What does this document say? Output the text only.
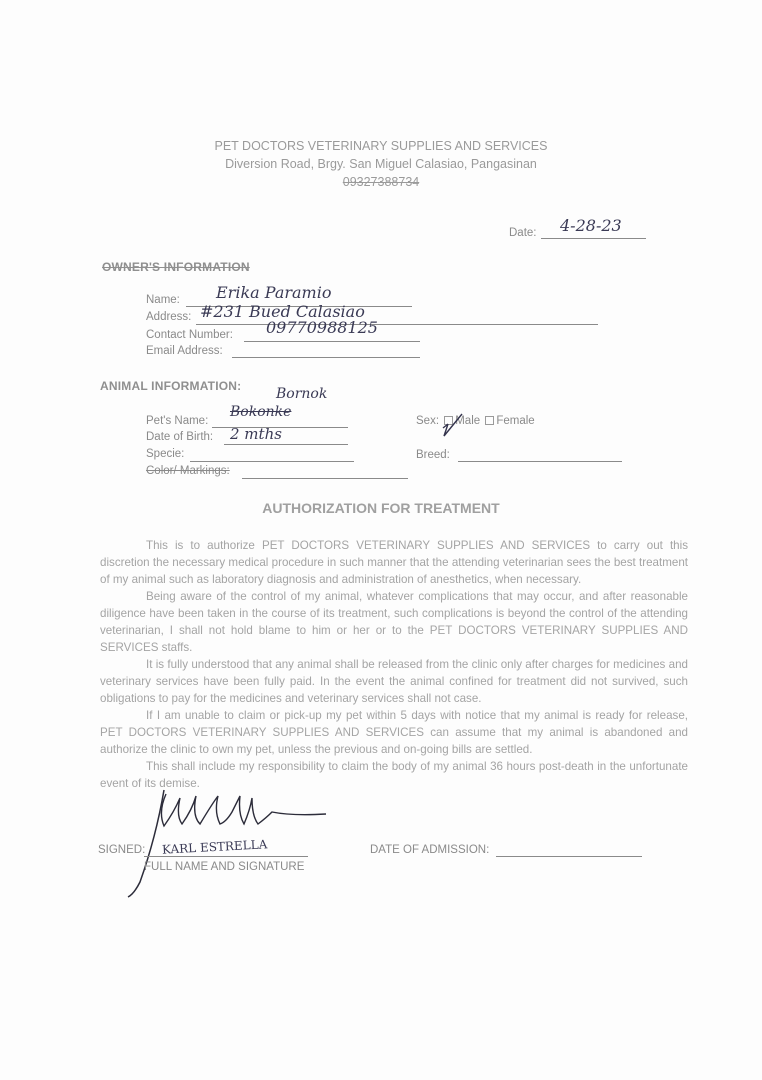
PET DOCTORS VETERINARY SUPPLIES AND SERVICES
Diversion Road, Brgy. San Miguel Calasiao, Pangasinan
09327388734
Date: 4-28-23
OWNER'S INFORMATION
Name: Erika Paramio
Address: #231 Bued Calasiao
Contact Number: 09770988125
Email Address:
ANIMAL INFORMATION: Bornok
Pet's Name:
Bokonke
Date of Birth: 2 mths
Specie:
Color/ Markings:
Sex: Male Female
Breed:
AUTHORIZATION FOR TREATMENT

This is to authorize PET DOCTORS VETERINARY SUPPLIES AND SERVICES to carry out this discretion the necessary medical procedure in such manner that the attending veterinarian sees the best treatment of my animal such as laboratory diagnosis and administration of anesthetics, when necessary.

Being aware of the control of my animal, whatever complications that may occur, and after reasonable diligence have been taken in the course of its treatment, such complications is beyond the control of the attending veterinarian, I shall not hold blame to him or her or to the PET DOCTORS VETERINARY SUPPLIES AND SERVICES staffs.

It is fully understood that any animal shall be released from the clinic only after charges for medicines and veterinary services have been fully paid. In the event the animal confined for treatment did not survived, such obligations to pay for the medicines and veterinary services shall not case.

If I am unable to claim or pick-up my pet within 5 days with notice that my animal is ready for release, PET DOCTORS VETERINARY SUPPLIES AND SERVICES can assume that my animal is abandoned and authorize the clinic to own my pet, unless the previous and on-going bills are settled.

This shall include my responsibility to claim the body of my animal 36 hours post-death in the unfortunate event of its demise.

KARL ESTRELLA
SIGNED:
FULL NAME AND SIGNATURE
DATE OF ADMISSION:
